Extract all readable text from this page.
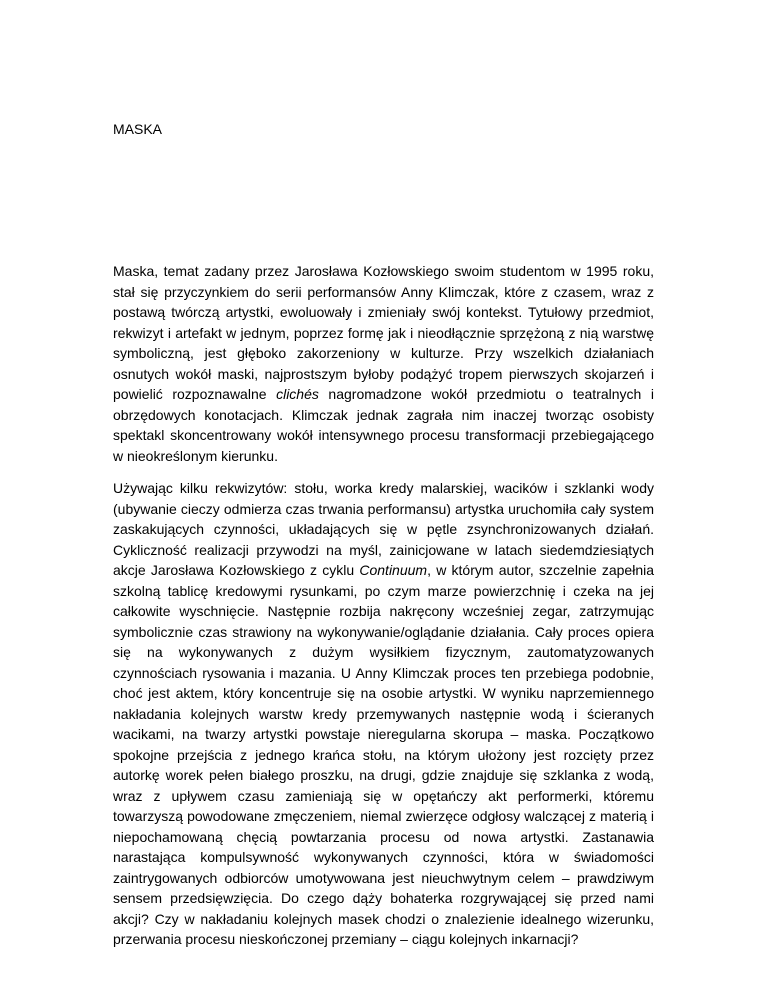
MASKA

Maska, temat zadany przez Jarosława Kozłowskiego swoim studentom w 1995 roku, stał się przyczynkiem do serii performansów Anny Klimczak, które z czasem, wraz z postawą twórczą artystki, ewoluowały i zmieniały swój kontekst. Tytułowy przedmiot, rekwizyt i artefakt w jednym, poprzez formę jak i nieodłącznie sprzężoną z nią warstwę symboliczną, jest głęboko zakorzeniony w kulturze. Przy wszelkich działaniach osnutych wokół maski, najprostszym byłoby podążyć tropem pierwszych skojarzeń i powielić rozpoznawalne clichés nagromadzone wokół przedmiotu o teatralnych i obrzędowych konotacjach. Klimczak jednak zagrała nim inaczej tworząc osobisty spektakl skoncentrowany wokół intensywnego procesu transformacji przebiegającego w nieokreślonym kierunku.

Używając kilku rekwizytów: stołu, worka kredy malarskiej, wacików i szklanki wody (ubywanie cieczy odmierza czas trwania performansu) artystka uruchomiła cały system zaskakujących czynności, układających się w pętle zsynchronizowanych działań. Cykliczność realizacji przywodzi na myśl, zainicjowane w latach siedemdziesiątych akcje Jarosława Kozłowskiego z cyklu Continuum, w którym autor, szczelnie zapełnia szkolną tablicę kredowymi rysunkami, po czym marze powierzchnię i czeka na jej całkowite wyschnięcie. Następnie rozbija nakręcony wcześniej zegar, zatrzymując symbolicznie czas strawiony na wykonywanie/oglądanie działania. Cały proces opiera się na wykonywanych z dużym wysiłkiem fizycznym, zautomatyzowanych czynnościach rysowania i mazania. U Anny Klimczak proces ten przebiega podobnie, choć jest aktem, który koncentruje się na osobie artystki. W wyniku naprzemiennego nakładania kolejnych warstw kredy przemywanych następnie wodą i ścieranych wacikami, na twarzy artystki powstaje nieregularna skorupa – maska. Początkowo spokojne przejścia z jednego krańca stołu, na którym ułożony jest rozcięty przez autorkę worek pełen białego proszku, na drugi, gdzie znajduje się szklanka z wodą, wraz z upływem czasu zamieniają się w opętańczy akt performerki, któremu towarzyszą powodowane zmęczeniem, niemal zwierzęce odgłosy walczącej z materią i niepochamowaną chęcią powtarzania procesu od nowa artystki. Zastanawia narastająca kompulsywność wykonywanych czynności, która w świadomości zaintrygowanych odbiorców umotywowana jest nieuchwytnym celem – prawdziwym sensem przedsięwzięcia. Do czego dąży bohaterka rozgrywającej się przed nami akcji? Czy w nakładaniu kolejnych masek chodzi o znalezienie idealnego wizerunku, przerwania procesu nieskończonej przemiany – ciągu kolejnych inkarnacji?
